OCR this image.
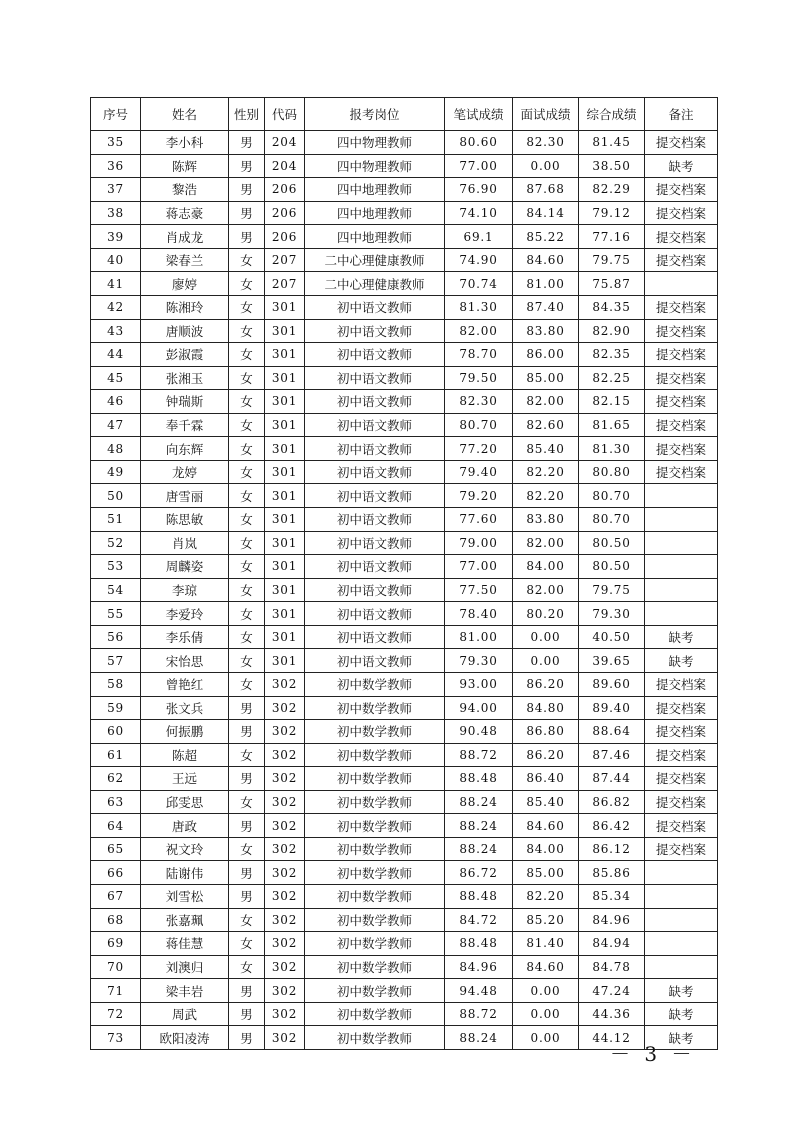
序号	姓名	性别	代码	报考岗位	笔试成绩	面试成绩	综合成绩	备注
35	李小科	男	204	四中物理教师	80.60	82.30	81.45	提交档案
36	陈辉	男	204	四中物理教师	77.00	0.00	38.50	缺考
37	黎浩	男	206	四中地理教师	76.90	87.68	82.29	提交档案
38	蒋志豪	男	206	四中地理教师	74.10	84.14	79.12	提交档案
39	肖成龙	男	206	四中地理教师	69.1	85.22	77.16	提交档案
40	梁春兰	女	207	二中心理健康教师	74.90	84.60	79.75	提交档案
41	廖婷	女	207	二中心理健康教师	70.74	81.00	75.87	
42	陈湘玲	女	301	初中语文教师	81.30	87.40	84.35	提交档案
43	唐顺波	女	301	初中语文教师	82.00	83.80	82.90	提交档案
44	彭淑霞	女	301	初中语文教师	78.70	86.00	82.35	提交档案
45	张湘玉	女	301	初中语文教师	79.50	85.00	82.25	提交档案
46	钟瑞斯	女	301	初中语文教师	82.30	82.00	82.15	提交档案
47	奉千霖	女	301	初中语文教师	80.70	82.60	81.65	提交档案
48	向东辉	女	301	初中语文教师	77.20	85.40	81.30	提交档案
49	龙婷	女	301	初中语文教师	79.40	82.20	80.80	提交档案
50	唐雪丽	女	301	初中语文教师	79.20	82.20	80.70	
51	陈思敏	女	301	初中语文教师	77.60	83.80	80.70	
52	肖岚	女	301	初中语文教师	79.00	82.00	80.50	
53	周麟姿	女	301	初中语文教师	77.00	84.00	80.50	
54	李琼	女	301	初中语文教师	77.50	82.00	79.75	
55	李爱玲	女	301	初中语文教师	78.40	80.20	79.30	
56	李乐倩	女	301	初中语文教师	81.00	0.00	40.50	缺考
57	宋怡思	女	301	初中语文教师	79.30	0.00	39.65	缺考
58	曾艳红	女	302	初中数学教师	93.00	86.20	89.60	提交档案
59	张文兵	男	302	初中数学教师	94.00	84.80	89.40	提交档案
60	何振鹏	男	302	初中数学教师	90.48	86.80	88.64	提交档案
61	陈超	女	302	初中数学教师	88.72	86.20	87.46	提交档案
62	王远	男	302	初中数学教师	88.48	86.40	87.44	提交档案
63	邱雯思	女	302	初中数学教师	88.24	85.40	86.82	提交档案
64	唐政	男	302	初中数学教师	88.24	84.60	86.42	提交档案
65	祝文玲	女	302	初中数学教师	88.24	84.00	86.12	提交档案
66	陆谢伟	男	302	初中数学教师	86.72	85.00	85.86	
67	刘雪松	男	302	初中数学教师	88.48	82.20	85.34	
68	张嘉珮	女	302	初中数学教师	84.72	85.20	84.96	
69	蒋佳慧	女	302	初中数学教师	88.48	81.40	84.94	
70	刘澳归	女	302	初中数学教师	84.96	84.60	84.78	
71	梁丰岩	男	302	初中数学教师	94.48	0.00	47.24	缺考
72	周武	男	302	初中数学教师	88.72	0.00	44.36	缺考
73	欧阳凌涛	男	302	初中数学教师	88.24	0.00	44.12	缺考
－ 3 －
